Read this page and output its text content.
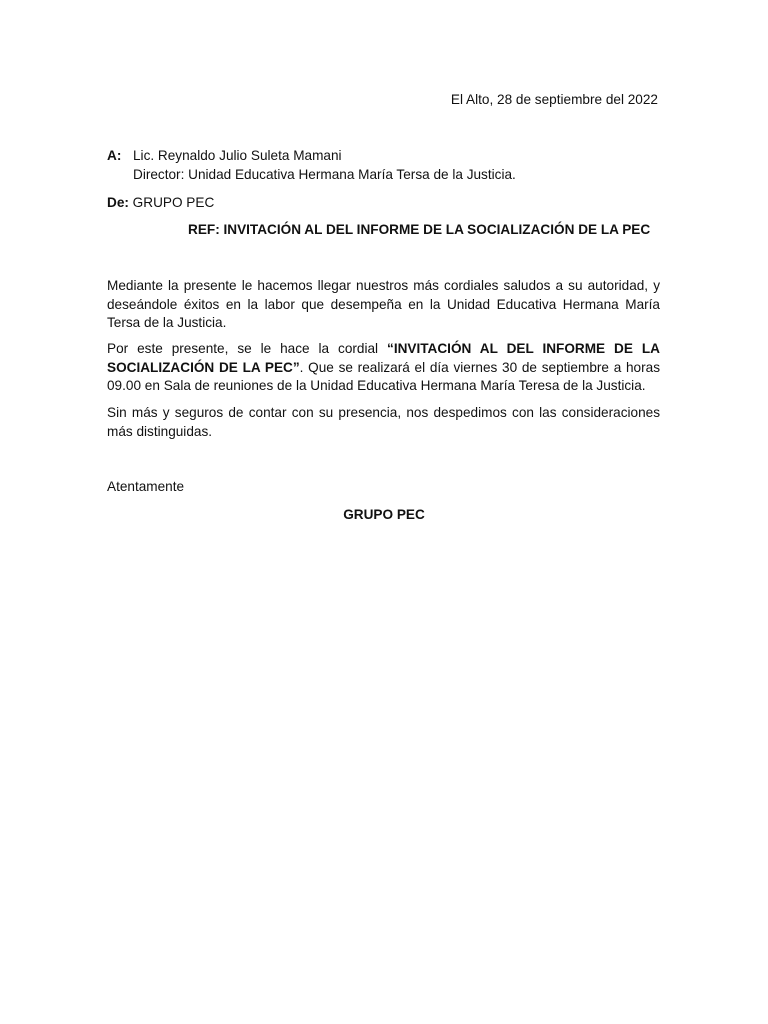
El Alto, 28 de septiembre del 2022
A: Lic. Reynaldo Julio Suleta Mamani
Director: Unidad Educativa Hermana María Tersa de la Justicia.
De: GRUPO PEC
REF: INVITACIÓN AL DEL INFORME DE LA SOCIALIZACIÓN DE LA PEC
Mediante la presente le hacemos llegar nuestros más cordiales saludos a su autoridad, y deseándole éxitos en la labor que desempeña en la Unidad Educativa Hermana María Tersa de la Justicia.
Por este presente, se le hace la cordial “INVITACIÓN AL DEL INFORME DE LA SOCIALIZACIÓN DE LA PEC”. Que se realizará el día viernes 30 de septiembre a horas 09.00 en Sala de reuniones de la Unidad Educativa Hermana María Teresa de la Justicia.
Sin más y seguros de contar con su presencia, nos despedimos con las consideraciones más distinguidas.
Atentamente
GRUPO PEC
